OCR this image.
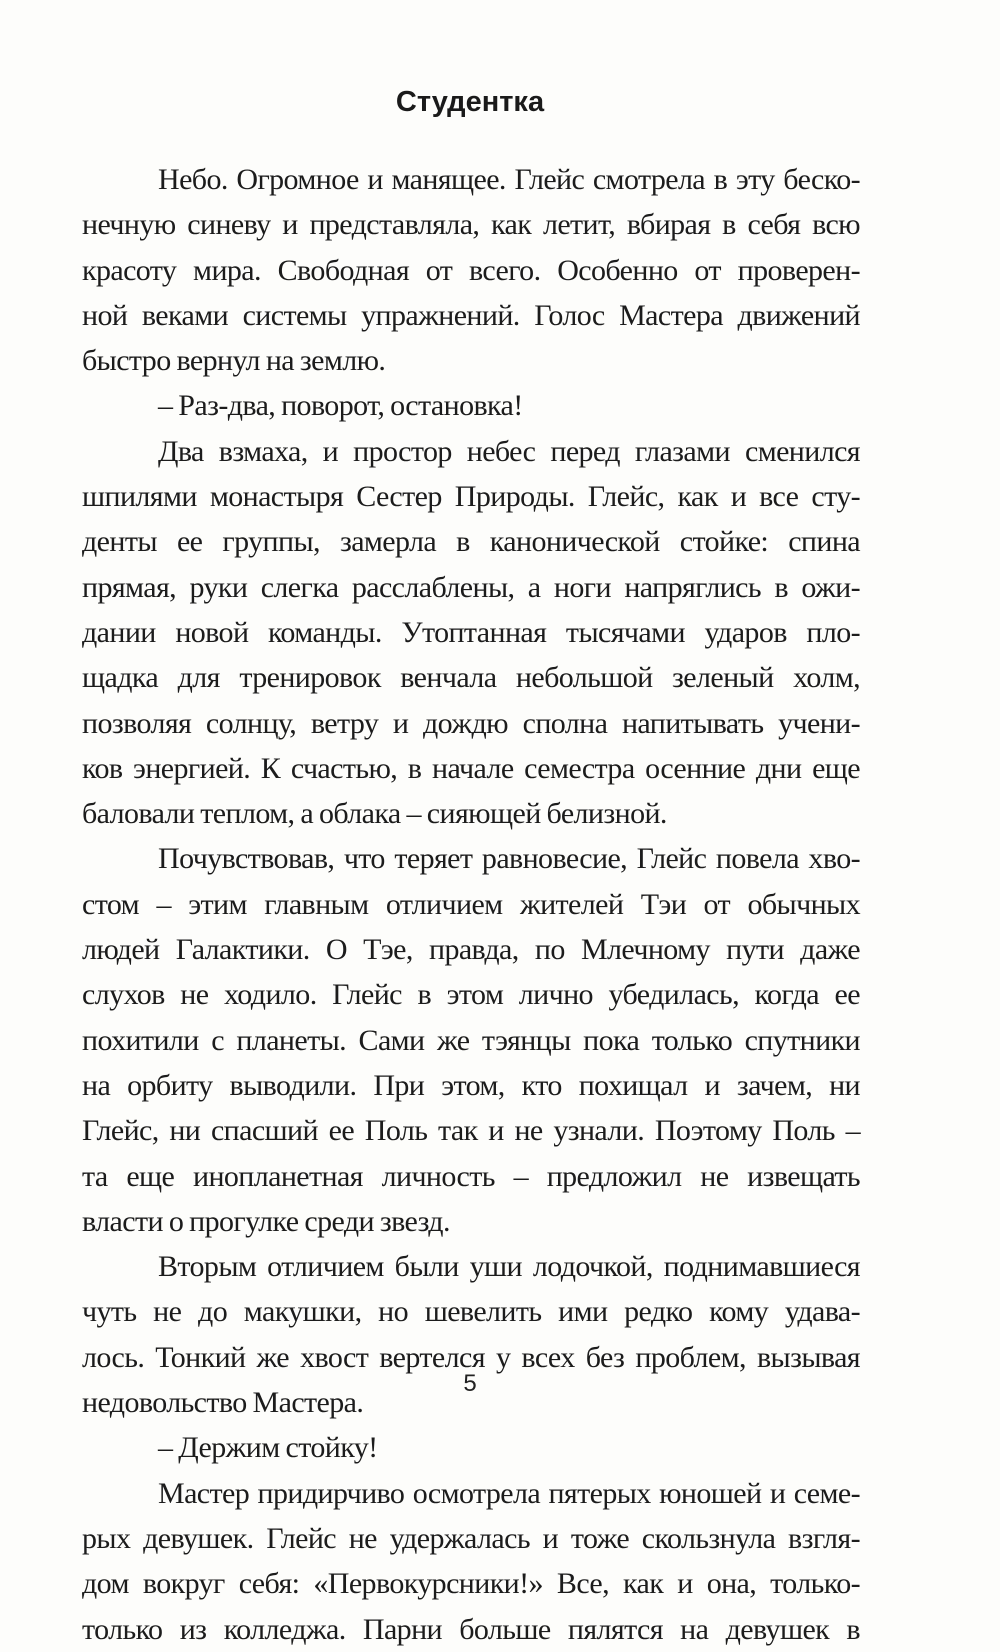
Студентка
Небо. Огромное и манящее. Глейс смотрела в эту беско-
нечную синеву и представляла, как летит, вбирая в себя всю
красоту мира. Свободная от всего. Особенно от проверен-
ной веками системы упражнений. Голос Мастера движений
быстро вернул на землю.
– Раз-два, поворот, остановка!
Два взмаха, и простор небес перед глазами сменился
шпилями монастыря Сестер Природы. Глейс, как и все сту-
денты ее группы, замерла в канонической стойке: спина
прямая, руки слегка расслаблены, а ноги напряглись в ожи-
дании новой команды. Утоптанная тысячами ударов пло-
щадка для тренировок венчала небольшой зеленый холм,
позволяя солнцу, ветру и дождю сполна напитывать учени-
ков энергией. К счастью, в начале семестра осенние дни еще
баловали теплом, а облака – сияющей белизной.
Почувствовав, что теряет равновесие, Глейс повела хво-
стом – этим главным отличием жителей Тэи от обычных
людей Галактики. О Тэе, правда, по Млечному пути даже
слухов не ходило. Глейс в этом лично убедилась, когда ее
похитили с планеты. Сами же тэянцы пока только спутники
на орбиту выводили. При этом, кто похищал и зачем, ни
Глейс, ни спасший ее Поль так и не узнали. Поэтому Поль –
та еще инопланетная личность – предложил не извещать
власти о прогулке среди звезд.
Вторым отличием были уши лодочкой, поднимавшиеся
чуть не до макушки, но шевелить ими редко кому удава-
лось. Тонкий же хвост вертелся у всех без проблем, вызывая
недовольство Мастера.
– Держим стойку!
Мастер придирчиво осмотрела пятерых юношей и семе-
рых девушек. Глейс не удержалась и тоже скользнула взгля-
дом вокруг себя: «Первокурсники!» Все, как и она, только-
только из колледжа. Парни больше пялятся на девушек в
5
